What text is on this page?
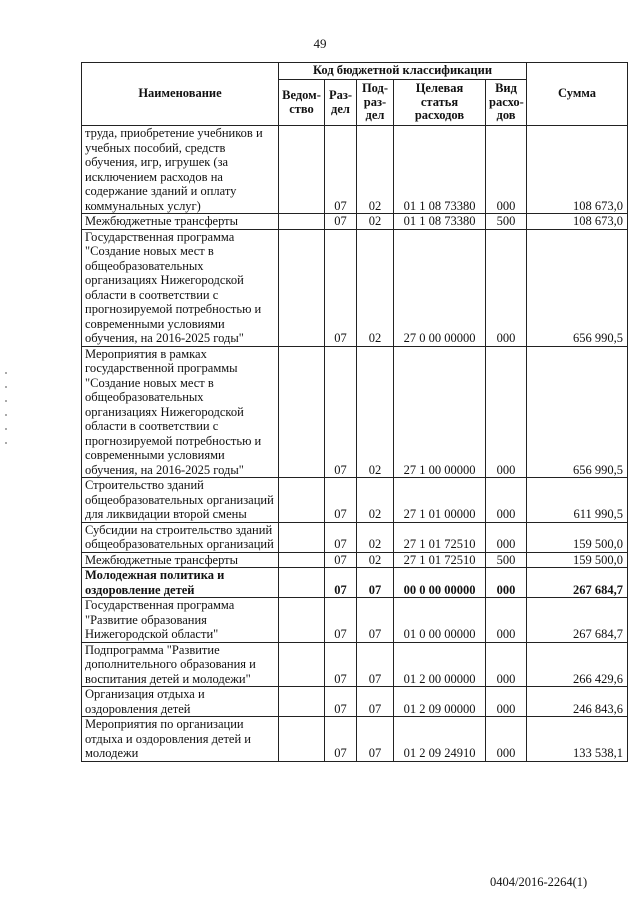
49
Наименование	Код бюджетной классификации					Сумма
	Ведом-ство	Раз-дел	Под-раз-дел	Целевая статья расходов	Вид расхо-дов	
труда, приобретение учебников и учебных пособий, средств обучения, игр, игрушек (за исключением расходов на содержание зданий и оплату коммунальных услуг)		07	02	01 1 08 73380	000	108 673,0
Межбюджетные трансферты		07	02	01 1 08 73380	500	108 673,0
Государственная программа "Создание новых мест в общеобразовательных организациях Нижегородской области в соответствии с прогнозируемой потребностью и современными условиями обучения, на 2016-2025 годы"		07	02	27 0 00 00000	000	656 990,5
Мероприятия в рамках государственной программы "Создание новых мест в общеобразовательных организациях Нижегородской области в соответствии с прогнозируемой потребностью и современными условиями обучения, на 2016-2025 годы"		07	02	27 1 00 00000	000	656 990,5
Строительство зданий общеобразовательных организаций для ликвидации второй смены		07	02	27 1 01 00000	000	611 990,5
Субсидии на строительство зданий общеобразовательных организаций		07	02	27 1 01 72510	000	159 500,0
Межбюджетные трансферты		07	02	27 1 01 72510	500	159 500,0
Молодежная политика и оздоровление детей		07	07	00 0 00 00000	000	267 684,7
Государственная программа "Развитие образования Нижегородской области"		07	07	01 0 00 00000	000	267 684,7
Подпрограмма "Развитие дополнительного образования и воспитания детей и молодежи"		07	07	01 2 00 00000	000	266 429,6
Организация отдыха и оздоровления детей		07	07	01 2 09 00000	000	246 843,6
Мероприятия по организации отдыха и оздоровления детей и молодежи		07	07	01 2 09 24910	000	133 538,1
0404/2016-2264(1)
